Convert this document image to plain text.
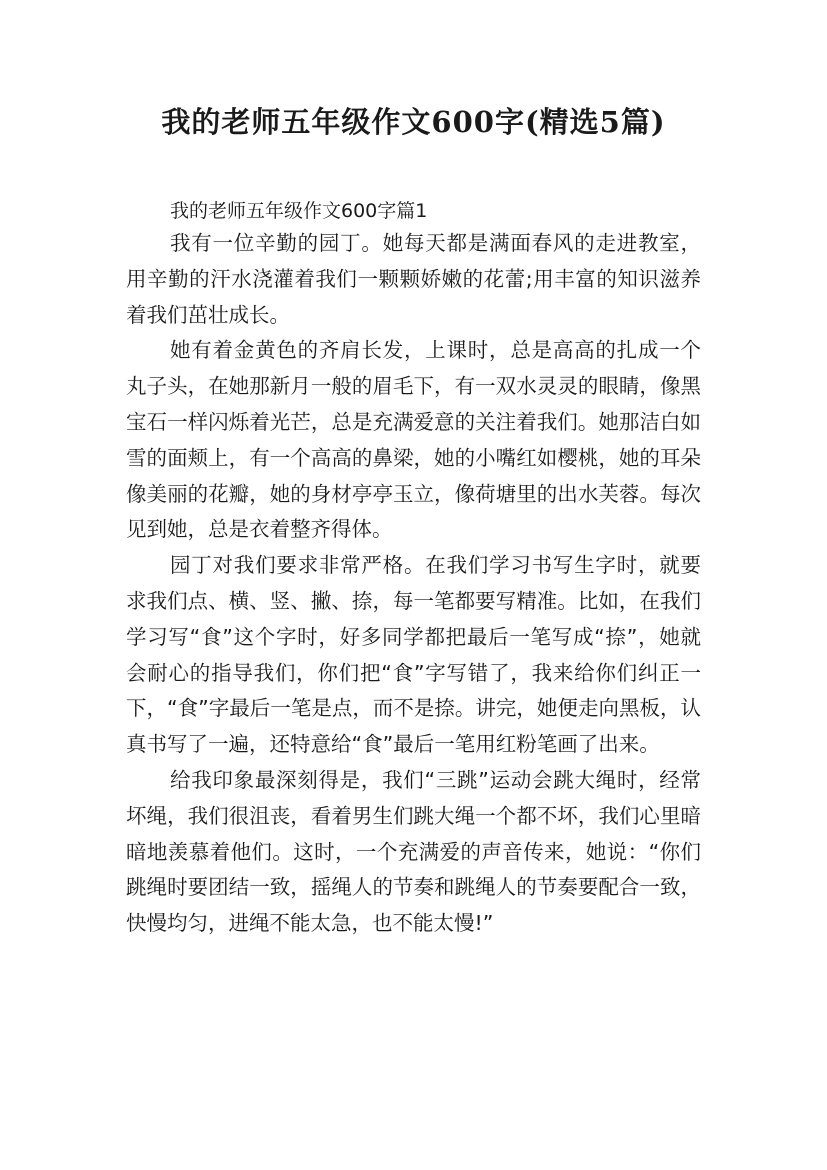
我的老师五年级作文600字(精选5篇)

我的老师五年级作文600字篇1

我有一位辛勤的园丁。她每天都是满面春风的走进教室，用辛勤的汗水浇灌着我们一颗颗娇嫩的花蕾;用丰富的知识滋养着我们茁壮成长。

她有着金黄色的齐肩长发，上课时，总是高高的扎成一个丸子头，在她那新月一般的眉毛下，有一双水灵灵的眼睛，像黑宝石一样闪烁着光芒，总是充满爱意的关注着我们。她那洁白如雪的面颊上，有一个高高的鼻梁，她的小嘴红如樱桃，她的耳朵像美丽的花瓣，她的身材亭亭玉立，像荷塘里的出水芙蓉。每次见到她，总是衣着整齐得体。

园丁对我们要求非常严格。在我们学习书写生字时，就要求我们点、横、竖、撇、捺，每一笔都要写精准。比如，在我们学习写“食”这个字时，好多同学都把最后一笔写成“捺”，她就会耐心的指导我们，你们把“食”字写错了，我来给你们纠正一下，“食”字最后一笔是点，而不是捺。讲完，她便走向黑板，认真书写了一遍，还特意给“食”最后一笔用红粉笔画了出来。

给我印象最深刻得是，我们“三跳”运动会跳大绳时，经常坏绳，我们很沮丧，看着男生们跳大绳一个都不坏，我们心里暗暗地羡慕着他们。这时，一个充满爱的声音传来，她说：“你们跳绳时要团结一致，摇绳人的节奏和跳绳人的节奏要配合一致，快慢均匀，进绳不能太急，也不能太慢!”
